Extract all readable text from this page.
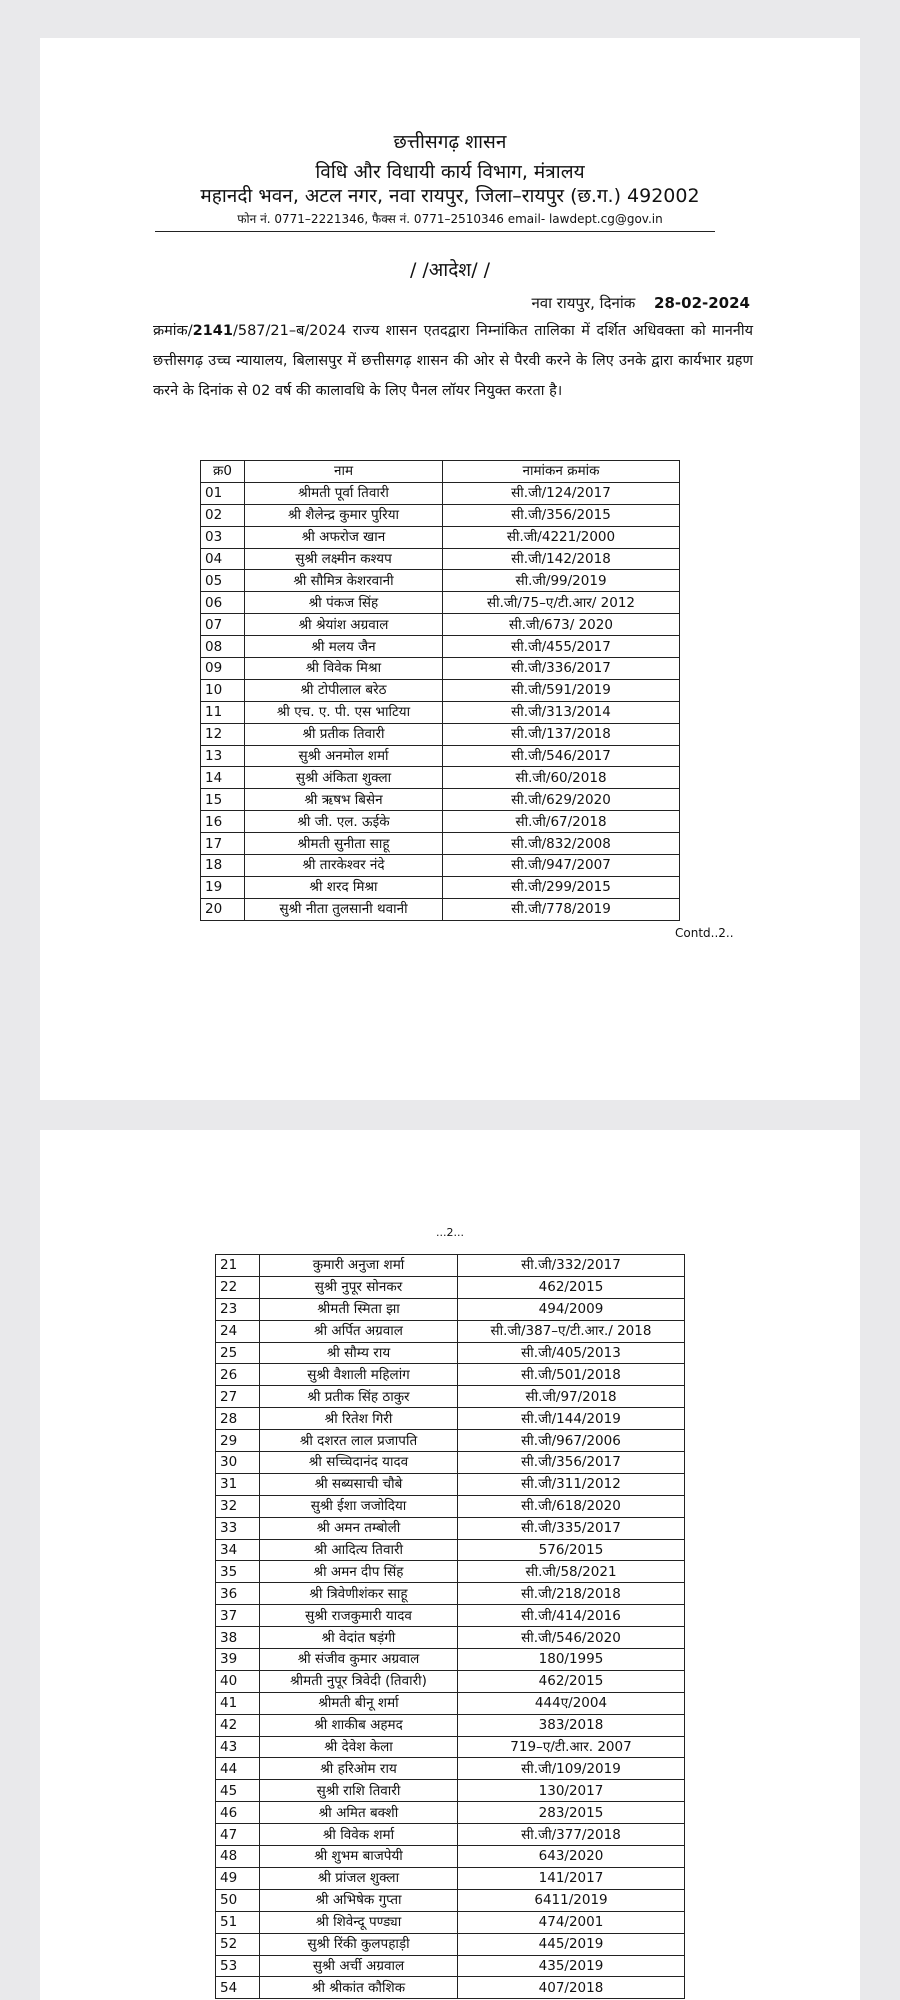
छत्तीसगढ़ शासन
विधि और विधायी कार्य विभाग, मंत्रालय
महानदी भवन, अटल नगर, नवा रायपुर, जिला–रायपुर (छ.ग.) 492002
फोन नं. 0771–2221346, फैक्स नं. 0771–2510346 email- lawdept.cg@gov.in
/ /आदेश/ /
नवा रायपुर, दिनांक 28-02-2024
क्रमांक/2141/587/21–ब/2024 राज्य शासन एतदद्वारा निम्नांकित तालिका में दर्शित अधिवक्ता को माननीय छत्तीसगढ़ उच्च न्यायालय, बिलासपुर में छत्तीसगढ़ शासन की ओर से पैरवी करने के लिए उनके द्वारा कार्यभार ग्रहण करने के दिनांक से 02 वर्ष की कालावधि के लिए पैनल लॉयर नियुक्त करता है।
क्र0	नाम	नामांकन क्रमांक
01	श्रीमती पूर्वा तिवारी	सी.जी/124/2017
02	श्री शैलेन्द्र कुमार पुरिया	सी.जी/356/2015
03	श्री अफरोज खान	सी.जी/4221/2000
04	सुश्री लक्ष्मीन कश्यप	सी.जी/142/2018
05	श्री सौमित्र केशरवानी	सी.जी/99/2019
06	श्री पंकज सिंह	सी.जी/75–ए/टी.आर/ 2012
07	श्री श्रेयांश अग्रवाल	सी.जी/673/ 2020
08	श्री मलय जैन	सी.जी/455/2017
09	श्री विवेक मिश्रा	सी.जी/336/2017
10	श्री टोपीलाल बरेठ	सी.जी/591/2019
11	श्री एच. ए. पी. एस भाटिया	सी.जी/313/2014
12	श्री प्रतीक तिवारी	सी.जी/137/2018
13	सुश्री अनमोल शर्मा	सी.जी/546/2017
14	सुश्री अंकिता शुक्ला	सी.जी/60/2018
15	श्री ऋषभ बिसेन	सी.जी/629/2020
16	श्री जी. एल. ऊईके	सी.जी/67/2018
17	श्रीमती सुनीता साहू	सी.जी/832/2008
18	श्री तारकेश्वर नंदे	सी.जी/947/2007
19	श्री शरद मिश्रा	सी.जी/299/2015
20	सुश्री नीता तुलसानी थवानी	सी.जी/778/2019
Contd..2..
...2...
21	कुमारी अनुजा शर्मा	सी.जी/332/2017
22	सुश्री नुपूर सोनकर	462/2015
23	श्रीमती स्मिता झा	494/2009
24	श्री अर्पित अग्रवाल	सी.जी/387–ए/टी.आर./ 2018
25	श्री सौम्य राय	सी.जी/405/2013
26	सुश्री वैशाली महिलांग	सी.जी/501/2018
27	श्री प्रतीक सिंह ठाकुर	सी.जी/97/2018
28	श्री रितेश गिरी	सी.जी/144/2019
29	श्री दशरत लाल प्रजापति	सी.जी/967/2006
30	श्री सच्चिदानंद यादव	सी.जी/356/2017
31	श्री सब्यसाची चौबे	सी.जी/311/2012
32	सुश्री ईशा जजोदिया	सी.जी/618/2020
33	श्री अमन तम्बोली	सी.जी/335/2017
34	श्री आदित्य तिवारी	576/2015
35	श्री अमन दीप सिंह	सी.जी/58/2021
36	श्री त्रिवेणीशंकर साहू	सी.जी/218/2018
37	सुश्री राजकुमारी यादव	सी.जी/414/2016
38	श्री वेदांत षड़ंगी	सी.जी/546/2020
39	श्री संजीव कुमार अग्रवाल	180/1995
40	श्रीमती नुपूर त्रिवेदी (तिवारी)	462/2015
41	श्रीमती बीनू शर्मा	444ए/2004
42	श्री शाकीब अहमद	383/2018
43	श्री देवेश केला	719–ए/टी.आर. 2007
44	श्री हरिओम राय	सी.जी/109/2019
45	सुश्री राशि तिवारी	130/2017
46	श्री अमित बक्शी	283/2015
47	श्री विवेक शर्मा	सी.जी/377/2018
48	श्री शुभम बाजपेयी	643/2020
49	श्री प्रांजल शुक्ला	141/2017
50	श्री अभिषेक गुप्ता	6411/2019
51	श्री शिवेन्दू पण्ड्या	474/2001
52	सुश्री रिंकी कुलपहाड़ी	445/2019
53	सुश्री अर्ची अग्रवाल	435/2019
54	श्री श्रीकांत कौशिक	407/2018
